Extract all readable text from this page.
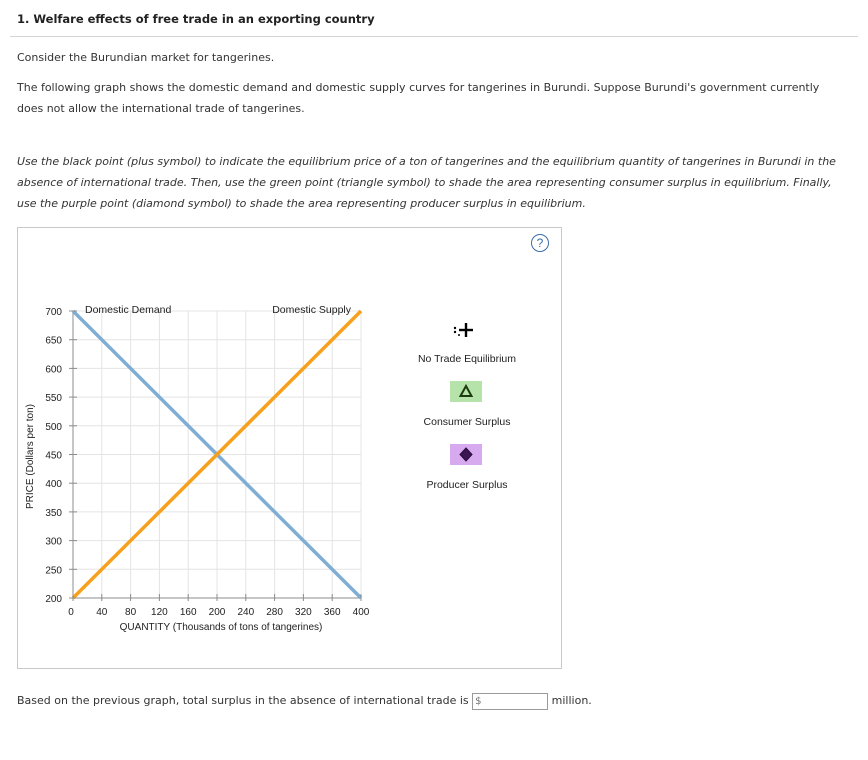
1. Welfare effects of free trade in an exporting country
Consider the Burundian market for tangerines.
The following graph shows the domestic demand and domestic supply curves for tangerines in Burundi. Suppose Burundi's government currently does not allow the international trade of tangerines.
Use the black point (plus symbol) to indicate the equilibrium price of a ton of tangerines and the equilibrium quantity of tangerines in Burundi in the absence of international trade. Then, use the green point (triangle symbol) to shade the area representing consumer surplus in equilibrium. Finally, use the purple point (diamond symbol) to shade the area representing producer surplus in equilibrium.
?
0 40 80 120 160 200 240 280 320 360 400
200
250
300
350
400
450
500
550
600
650
700 Domestic Demand	Domestic Supply
QUANTITY (Thousands of tons of tangerines)
PRICE (Dollars per ton)
No Trade Equilibrium
Consumer Surplus
Producer Surplus
Based on the previous graph, total surplus in the absence of international trade is $	million.
